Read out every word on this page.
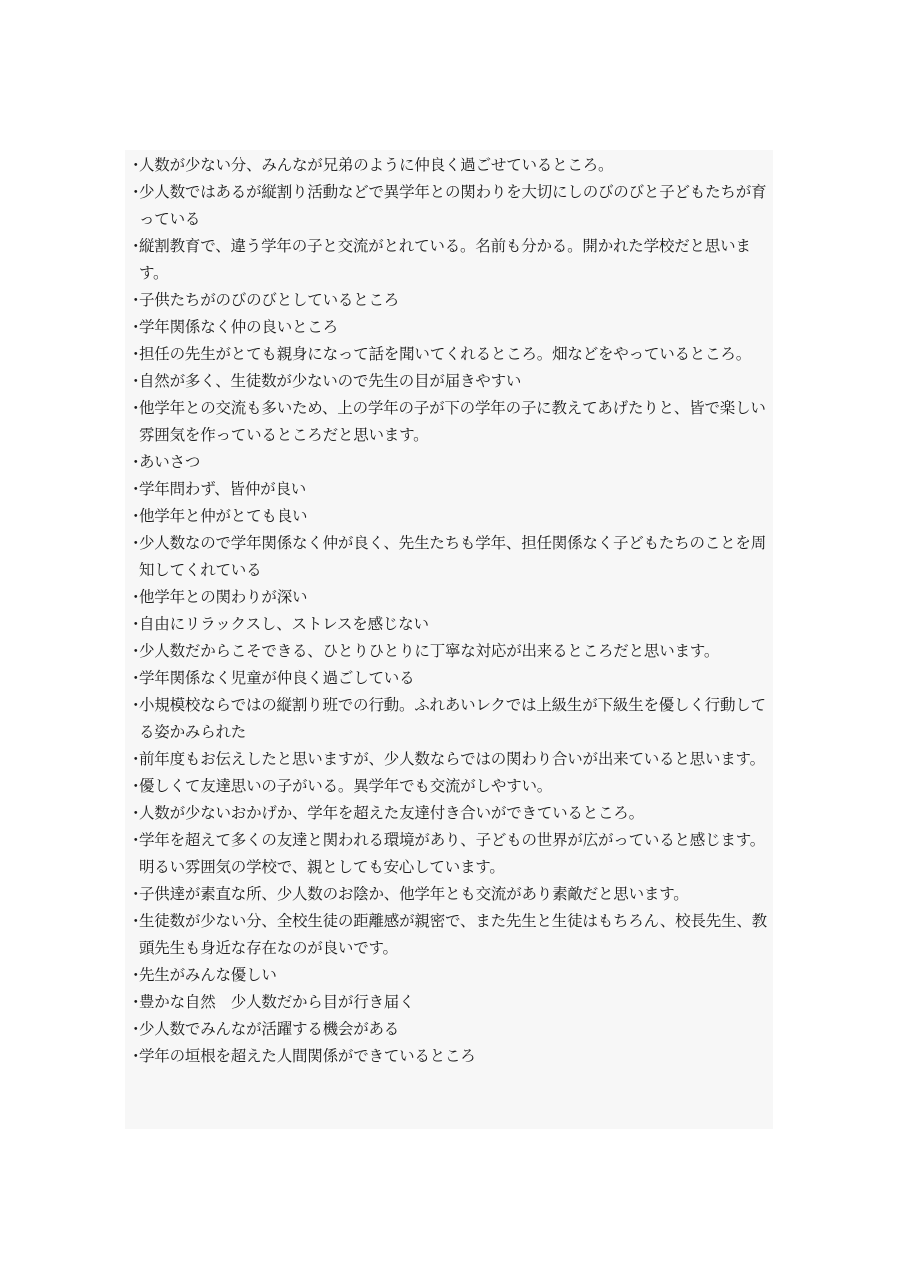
・
人数が少ない分、みんなが兄弟のように仲良く過ごせているところ。
・
少人数ではあるが縦割り活動などで異学年との関わりを大切にしのびのびと子どもたちが育っている
・
縦割教育で、違う学年の子と交流がとれている。名前も分かる。開かれた学校だと思います。
・
子供たちがのびのびとしているところ
・
学年関係なく仲の良いところ
・
担任の先生がとても親身になって話を聞いてくれるところ。畑などをやっているところ。
・
自然が多く、生徒数が少ないので先生の目が届きやすい
・
他学年との交流も多いため、上の学年の子が下の学年の子に教えてあげたりと、皆で楽しい雰囲気を作っているところだと思います。
・
あいさつ
・
学年問わず、皆仲が良い
・
他学年と仲がとても良い
・
少人数なので学年関係なく仲が良く、先生たちも学年、担任関係なく子どもたちのことを周知してくれている
・
他学年との関わりが深い
・
自由にリラックスし、ストレスを感じない
・
少人数だからこそできる、ひとりひとりに丁寧な対応が出来るところだと思います。
・
学年関係なく児童が仲良く過ごしている
・
小規模校ならではの縦割り班での行動。ふれあいレクでは上級生が下級生を優しく行動してる姿かみられた
・
前年度もお伝えしたと思いますが、少人数ならではの関わり合いが出来ていると思います。
・
優しくて友達思いの子がいる。異学年でも交流がしやすい。
・
人数が少ないおかげか、学年を超えた友達付き合いができているところ。
・
学年を超えて多くの友達と関われる環境があり、子どもの世界が広がっていると感じます。明るい雰囲気の学校で、親としても安心しています。
・
子供達が素直な所、少人数のお陰か、他学年とも交流があり素敵だと思います。
・
生徒数が少ない分、全校生徒の距離感が親密で、また先生と生徒はもちろん、校長先生、教頭先生も身近な存在なのが良いです。
・
先生がみんな優しい
・
豊かな自然　少人数だから目が行き届く
・
少人数でみんなが活躍する機会がある
・
学年の垣根を超えた人間関係ができているところ
